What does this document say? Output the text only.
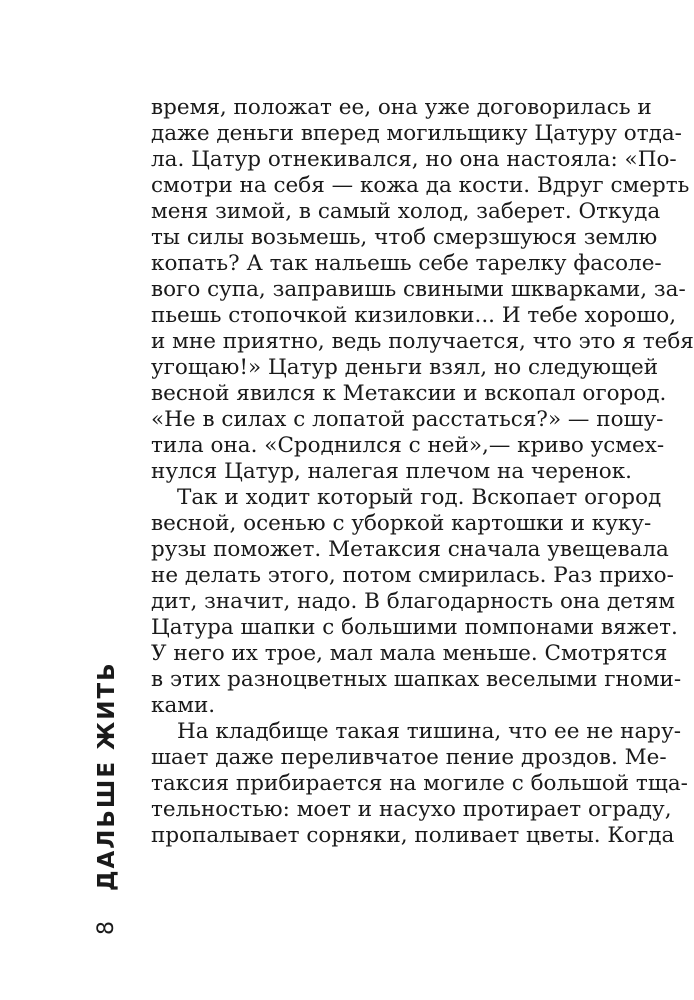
время, положат ее, она уже договорилась и
даже деньги вперед могильщику Цатуру отда-
ла. Цатур отнекивался, но она настояла: «По-
смотри на себя — кожа да кости. Вдруг смерть
меня зимой, в самый холод, заберет. Откуда
ты силы возьмешь, чтоб смерзшуюся землю
копать? А так нальешь себе тарелку фасоле-
вого супа, заправишь свиными шкварками, за-
пьешь стопочкой кизиловки... И тебе хорошо,
и мне приятно, ведь получается, что это я тебя
угощаю!» Цатур деньги взял, но следующей
весной явился к Метаксии и вскопал огород.
«Не в силах с лопатой расстаться?» — пошу-
тила она. «Сроднился с ней»,— криво усмех-
нулся Цатур, налегая плечом на черенок.
Так и ходит который год. Вскопает огород
весной, осенью с уборкой картошки и куку-
рузы поможет. Метаксия сначала увещевала
не делать этого, потом смирилась. Раз прихо-
дит, значит, надо. В благодарность она детям
Цатура шапки с большими помпонами вяжет.
У него их трое, мал мала меньше. Смотрятся
в этих разноцветных шапках веселыми гноми-
ками.
На кладбище такая тишина, что ее не нару-
шает даже переливчатое пение дроздов. Ме-
таксия прибирается на могиле с большой тща-
тельностью: моет и насухо протирает ограду,
пропалывает сорняки, поливает цветы. Когда
8
ДАЛЬШЕ ЖИТЬ
